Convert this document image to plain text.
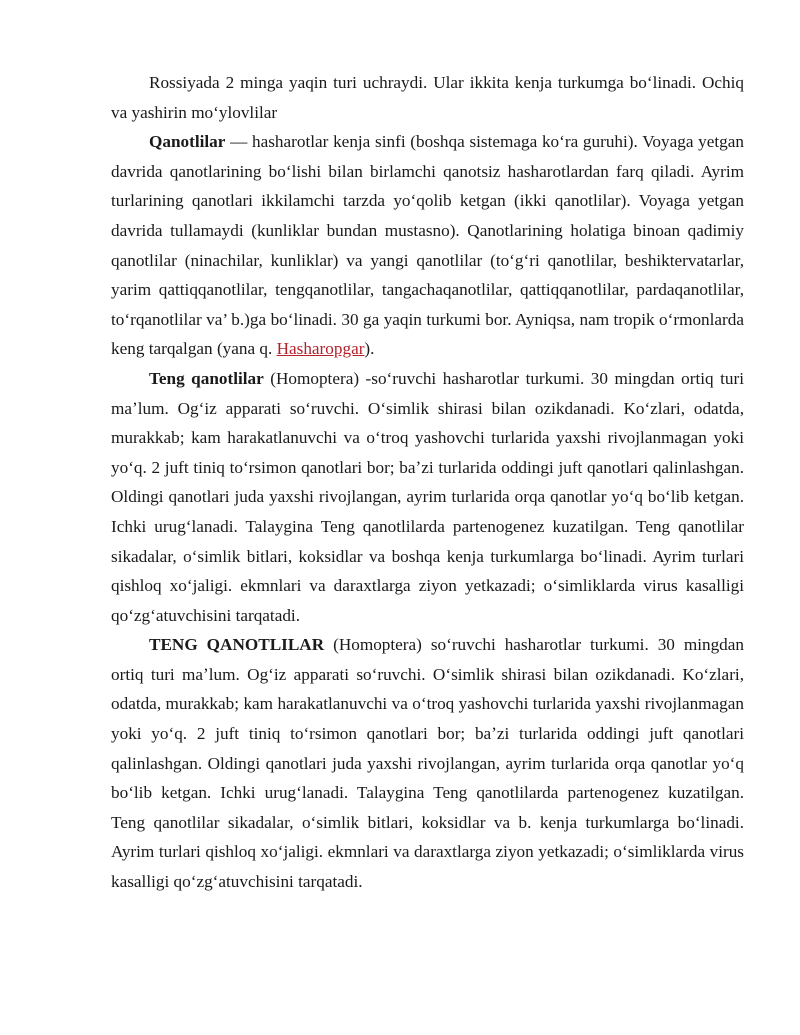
Rossiyada 2 minga yaqin turi uchraydi. Ular ikkita kenja turkumga boʻlinadi. Ochiq va yashirin moʻylovlilar

Qanotlilar — hasharotlar kenja sinfi (boshqa sistemaga koʻra guruhi). Voyaga yetgan davrida qanotlarining boʻlishi bilan birlamchi qanotsiz hasharotlardan farq qiladi. Ayrim turlarining qanotlari ikkilamchi tarzda yoʻqolib ketgan (ikki qanotlilar). Voyaga yetgan davrida tullamaydi (kunliklar bundan mustasno). Qanotlarining holatiga binoan qadimiy qanotlilar (ninachilar, kunliklar) va yangi qanotlilar (toʻgʻri qanotlilar, beshiktervatarlar, yarim qattiqqanotlilar, tengqanotlilar, tangachaqanotlilar, qattiqqanotlilar, pardaqanotlilar, toʻrqanotlilar va’ b.)ga boʻlinadi. 30 ga yaqin turkumi bor. Ayniqsa, nam tropik oʻrmonlarda keng tarqalgan (yana q. Hasharopgar).

Teng qanotlilar (Homoptera) -soʻruvchi hasharotlar turkumi. 30 mingdan ortiq turi maʼlum. Ogʻiz apparati soʻruvchi. Oʻsimlik shirasi bilan ozikdanadi. Koʻzlari, odatda, murakkab; kam harakatlanuvchi va oʻtroq yashovchi turlarida yaxshi rivojlanmagan yoki yoʻq. 2 juft tiniq toʻrsimon qanotlari bor; baʼzi turlarida oddingi juft qanotlari qalinlashgan. Oldingi qanotlari juda yaxshi rivojlangan, ayrim turlarida orqa qanotlar yoʻq boʻlib ketgan. Ichki urugʻlanadi. Talaygina Teng qanotlilarda partenogenez kuzatilgan. Teng qanotlilar sikadalar, oʻsimlik bitlari, koksidlar va boshqa kenja turkumlarga boʻlinadi. Ayrim turlari qishloq xoʻjaligi. ekmnlari va daraxtlarga ziyon yetkazadi; oʻsimliklarda virus kasalligi qoʻzgʻatuvchisini tarqatadi.

TENG QANOTLILAR (Homoptera) soʻruvchi hasharotlar turkumi. 30 mingdan ortiq turi maʼlum. Ogʻiz apparati soʻruvchi. Oʻsimlik shirasi bilan ozikdanadi. Koʻzlari, odatda, murakkab; kam harakatlanuvchi va oʻtroq yashovchi turlarida yaxshi rivojlanmagan yoki yoʻq. 2 juft tiniq toʻrsimon qanotlari bor; baʼzi turlarida oddingi juft qanotlari qalinlashgan. Oldingi qanotlari juda yaxshi rivojlangan, ayrim turlarida orqa qanotlar yoʻq boʻlib ketgan. Ichki urugʻlanadi. Talaygina Teng qanotlilarda partenogenez kuzatilgan. Teng qanotlilar sikadalar, oʻsimlik bitlari, koksidlar va b. kenja turkumlarga boʻlinadi. Ayrim turlari qishloq xoʻjaligi. ekmnlari va daraxtlarga ziyon yetkazadi; oʻsimliklarda virus kasalligi qoʻzgʻatuvchisini tarqatadi.
